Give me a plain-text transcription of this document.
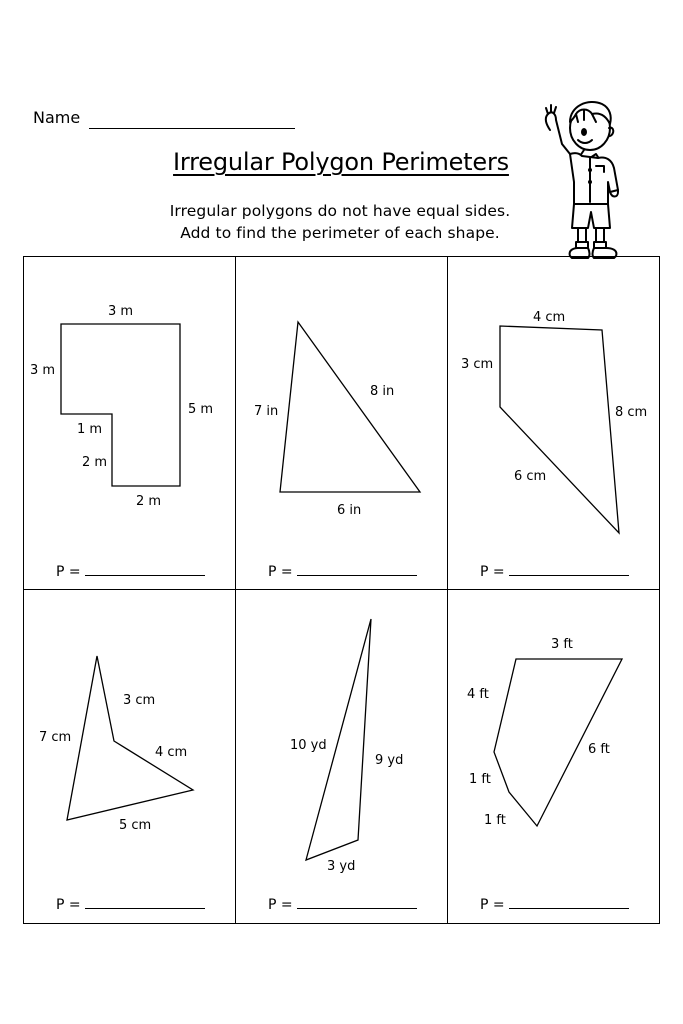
Name
Irregular Polygon Perimeters
Irregular polygons do not have equal sides.
Add to find the perimeter of each shape.
3 m
3 m
5 m
1 m
2 m
2 m
8 in
7 in
6 in
4 cm
3 cm
8 cm
6 cm
3 cm
7 cm
4 cm
5 cm
10 yd
9 yd
3 yd
3 ft
4 ft
6 ft
1 ft
1 ft
P =	P =	P =
P =	P =	P =
